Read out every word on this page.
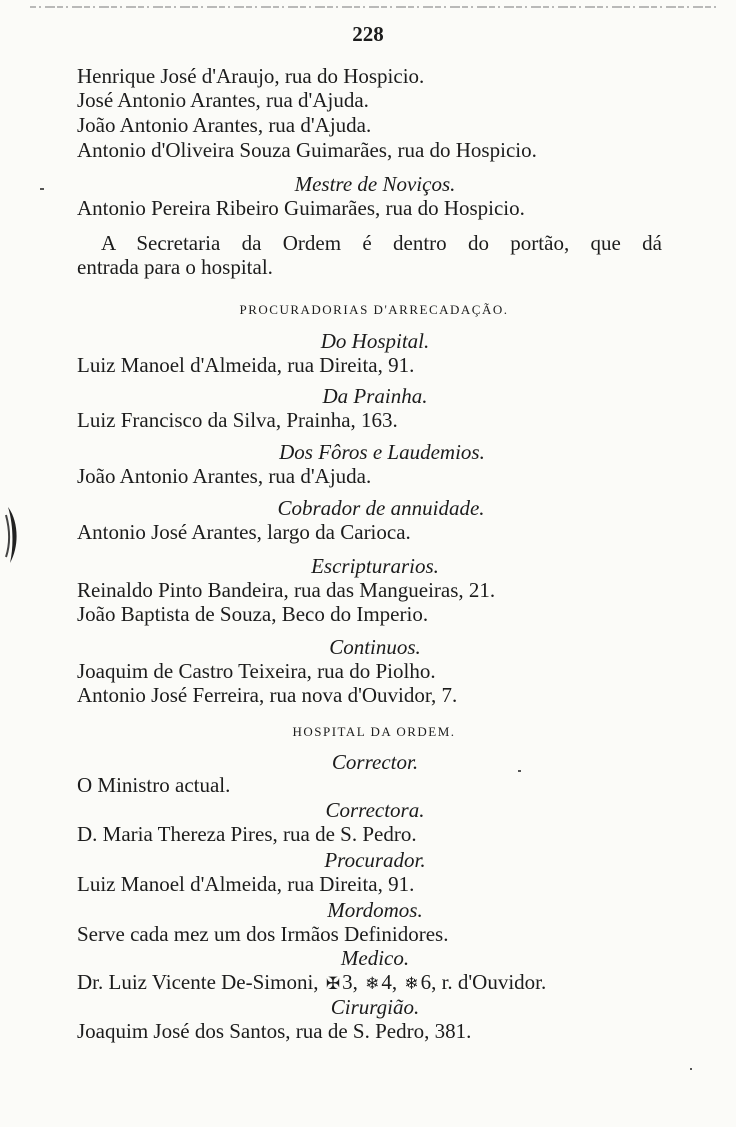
228
Henrique José d'Araujo, rua do Hospicio.
José Antonio Arantes, rua d'Ajuda.
João Antonio Arantes, rua d'Ajuda.
Antonio d'Oliveira Souza Guimarães, rua do Hospicio.
Mestre de Noviços.
Antonio Pereira Ribeiro Guimarães, rua do Hospicio.
A Secretaria da Ordem é dentro do portão, que dá
entrada para o hospital.
PROCURADORIAS D'ARRECADAÇÃO.
Do Hospital.
Luiz Manoel d'Almeida, rua Direita, 91.
Da Prainha.
Luiz Francisco da Silva, Prainha, 163.
Dos Fôros e Laudemios.
João Antonio Arantes, rua d'Ajuda.
Cobrador de annuidade.
Antonio José Arantes, largo da Carioca.
Escripturarios.
Reinaldo Pinto Bandeira, rua das Mangueiras, 21.
João Baptista de Souza, Beco do Imperio.
Continuos.
Joaquim de Castro Teixeira, rua do Piolho.
Antonio José Ferreira, rua nova d'Ouvidor, 7.
HOSPITAL DA ORDEM.
Corrector.
O Ministro actual.
Correctora.
D. Maria Thereza Pires, rua de S. Pedro.
Procurador.
Luiz Manoel d'Almeida, rua Direita, 91.
Mordomos.
Serve cada mez um dos Irmãos Definidores.
Medico.
Dr. Luiz Vicente De-Simoni, ✠3, ❄4, ❄6, r. d'Ouvidor.
Cirurgião.
Joaquim José dos Santos, rua de S. Pedro, 381.
